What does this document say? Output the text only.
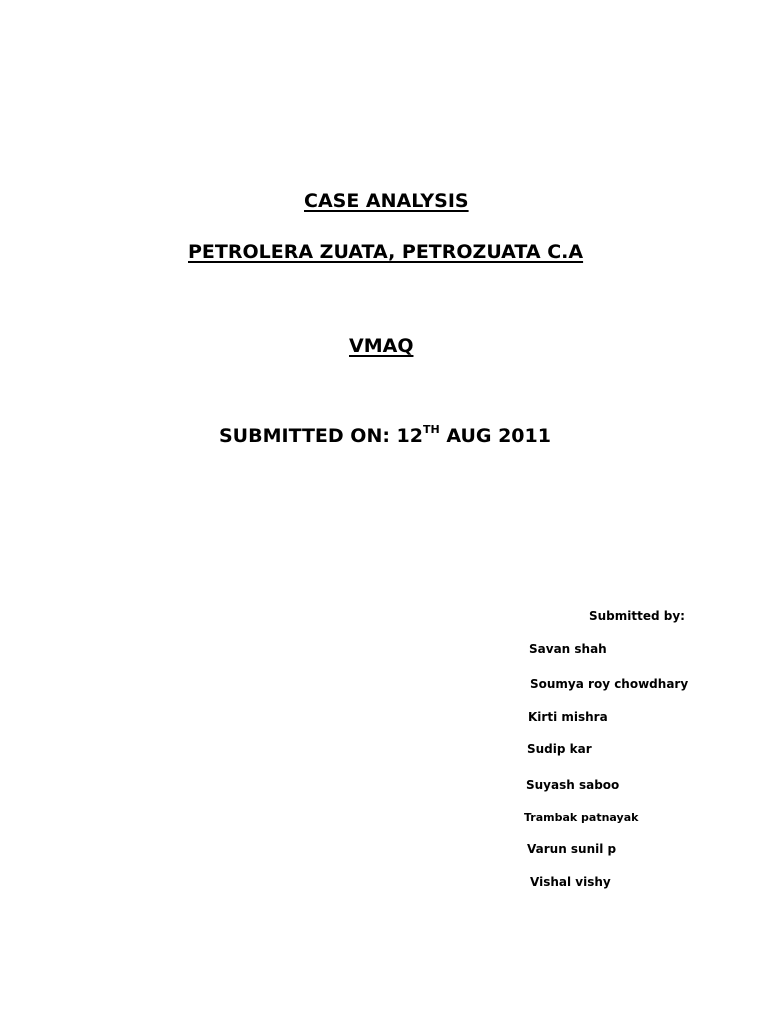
CASE ANALYSIS
PETROLERA ZUATA, PETROZUATA C.A
VMAQ
SUBMITTED ON: 12TH AUG 2011
Submitted by:
Savan shah
Soumya roy chowdhary
Kirti mishra
Sudip kar
Suyash saboo
Trambak patnayak
Varun sunil p
Vishal vishy
